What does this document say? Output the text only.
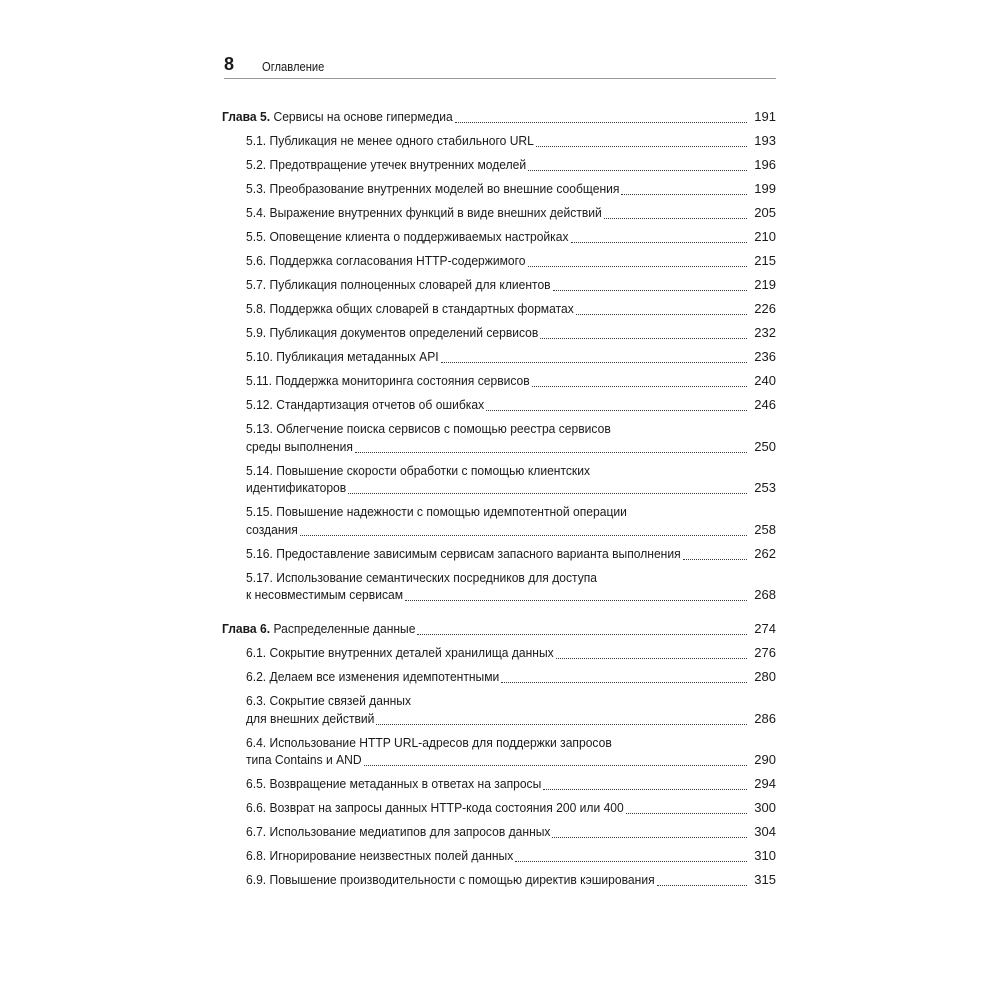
8 Оглавление
Глава 5. Сервисы на основе гипермедиа	191
5.1. Публикация не менее одного стабильного URL	193
5.2. Предотвращение утечек внутренних моделей	196
5.3. Преобразование внутренних моделей во внешние сообщения	199
5.4. Выражение внутренних функций в виде внешних действий	205
5.5. Оповещение клиента о поддерживаемых настройках	210
5.6. Поддержка согласования HTTP-содержимого	215
5.7. Публикация полноценных словарей для клиентов	219
5.8. Поддержка общих словарей в стандартных форматах	226
5.9. Публикация документов определений сервисов	232
5.10. Публикация метаданных API	236
5.11. Поддержка мониторинга состояния сервисов	240
5.12. Стандартизация отчетов об ошибках	246
5.13. Облегчение поиска сервисов с помощью реестра сервисов
среды выполнения	250
5.14. Повышение скорости обработки с помощью клиентских
идентификаторов	253
5.15. Повышение надежности с помощью идемпотентной операции
создания	258
5.16. Предоставление зависимым сервисам запасного варианта выполнения	262
5.17. Использование семантических посредников для доступа
к несовместимым сервисам	268
Глава 6. Распределенные данные	274
6.1. Сокрытие внутренних деталей хранилища данных	276
6.2. Делаем все изменения идемпотентными	280
6.3. Сокрытие связей данных
для внешних действий	286
6.4. Использование HTTP URL-адресов для поддержки запросов
типа Contains и AND	290
6.5. Возвращение метаданных в ответах на запросы	294
6.6. Возврат на запросы данных HTTP-кода состояния 200 или 400	300
6.7. Использование медиатипов для запросов данных	304
6.8. Игнорирование неизвестных полей данных	310
6.9. Повышение производительности с помощью директив кэширования	315
